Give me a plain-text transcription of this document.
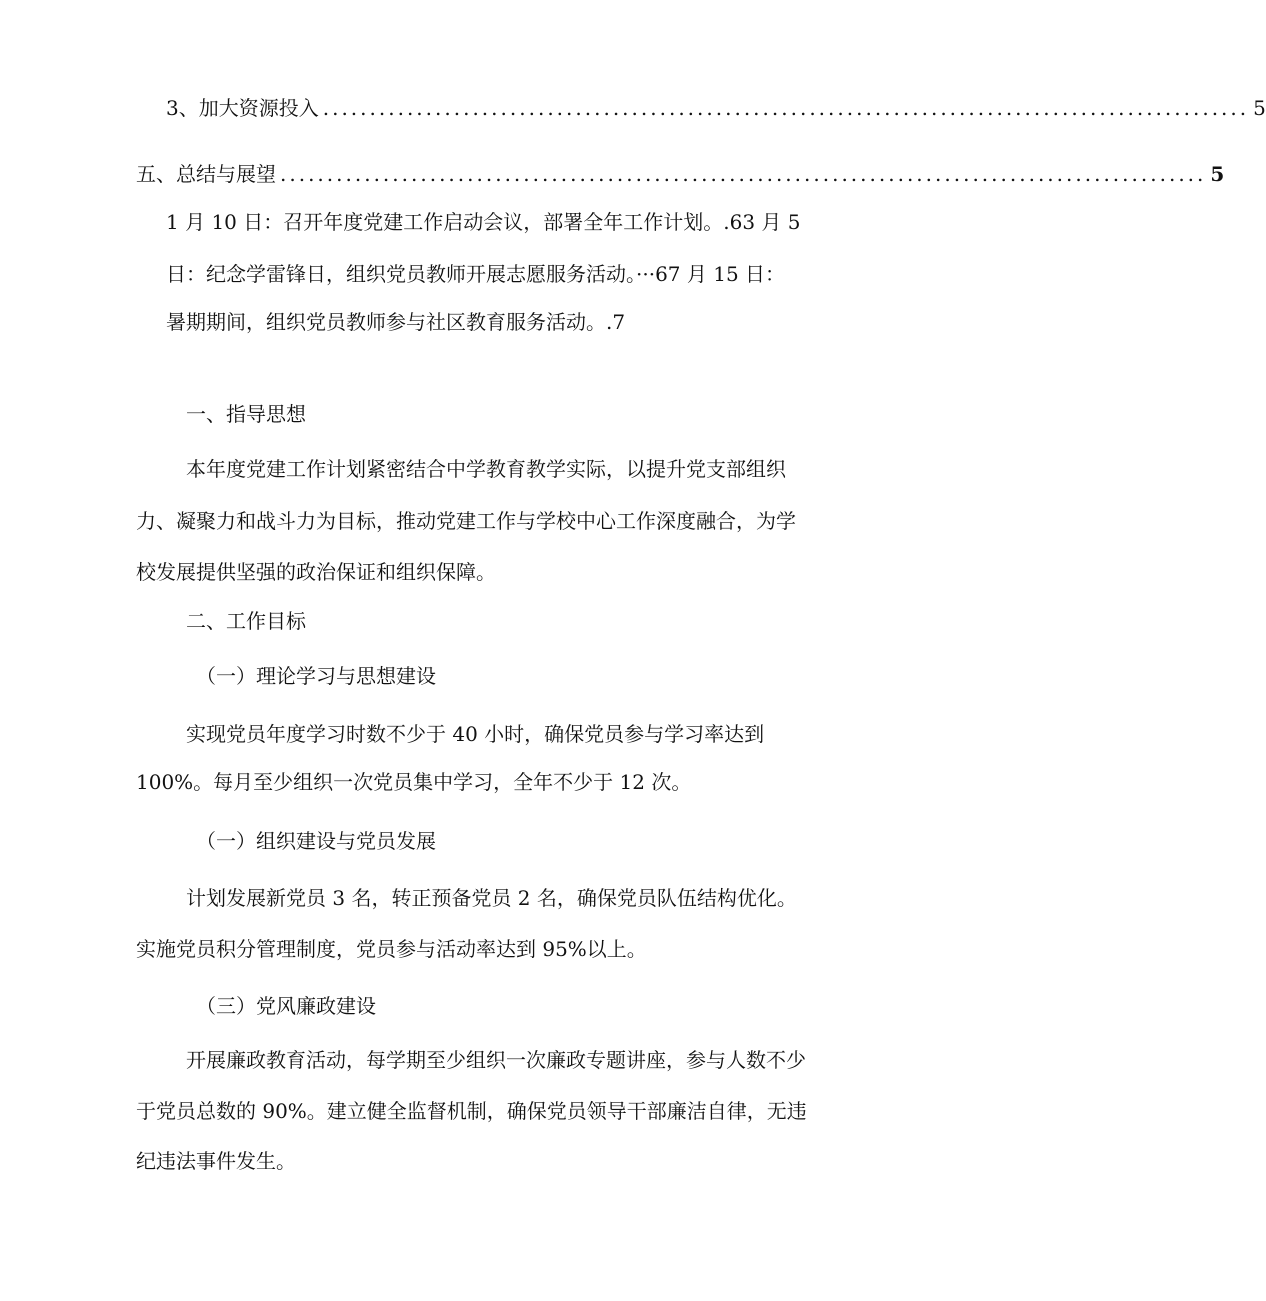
3、加大资源投入 ................................................................................................... 5
五、总结与展望 ................................................................................................... 5
1 月 10 日：召开年度党建工作启动会议，部署全年工作计划。.63 月 5
日：纪念学雷锋日，组织党员教师开展志愿服务活动。···67 月 15 日：
暑期期间，组织党员教师参与社区教育服务活动。.7
一、指导思想
本年度党建工作计划紧密结合中学教育教学实际，以提升党支部组织
力、凝聚力和战斗力为目标，推动党建工作与学校中心工作深度融合，为学
校发展提供坚强的政治保证和组织保障。
二、工作目标
（一）理论学习与思想建设
实现党员年度学习时数不少于 40 小时，确保党员参与学习率达到
100%。每月至少组织一次党员集中学习，全年不少于 12 次。
（一）组织建设与党员发展
计划发展新党员 3 名，转正预备党员 2 名，确保党员队伍结构优化。
实施党员积分管理制度，党员参与活动率达到 95%以上。
（三）党风廉政建设
开展廉政教育活动，每学期至少组织一次廉政专题讲座，参与人数不少
于党员总数的 90%。建立健全监督机制，确保党员领导干部廉洁自律，无违
纪违法事件发生。
